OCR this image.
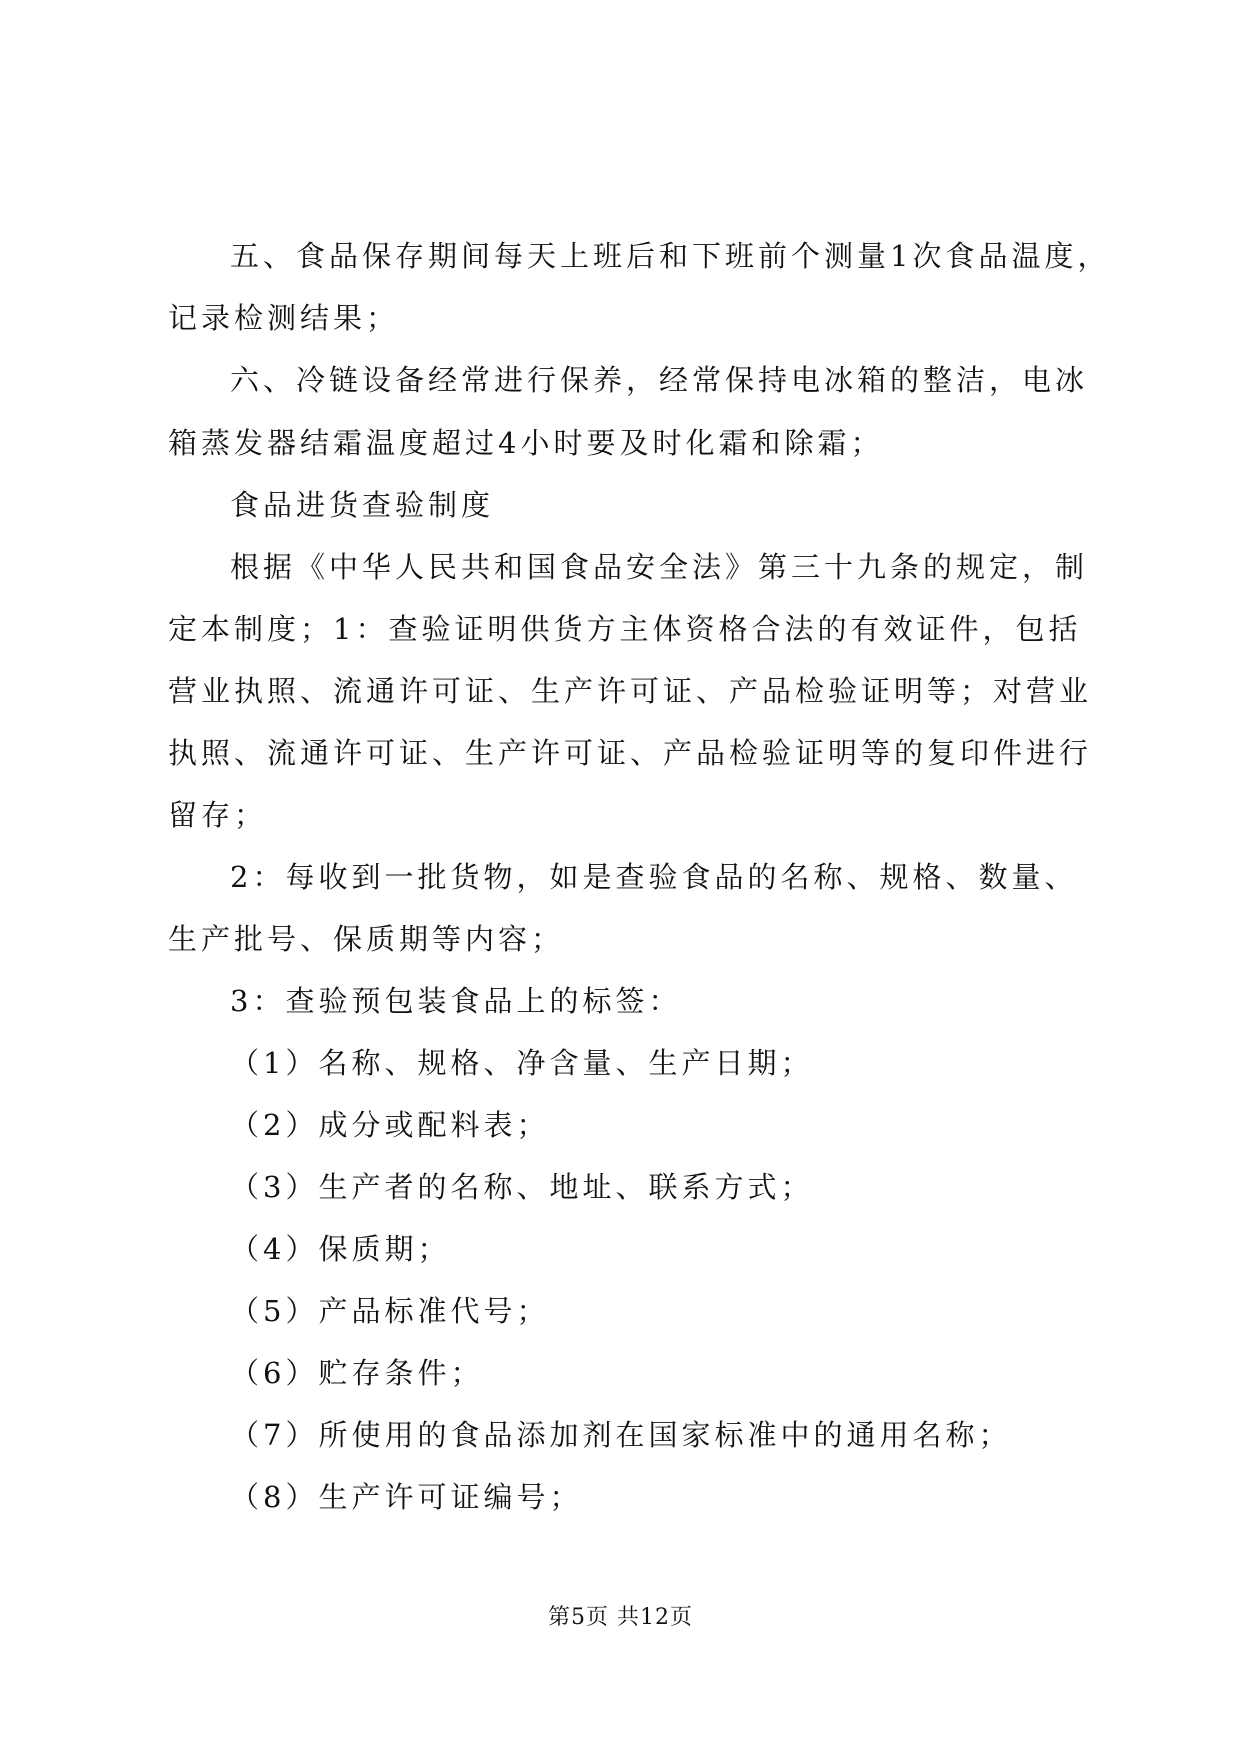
五、食品保存期间每天上班后和下班前个测量1次食品温度，
记录检测结果；
六、冷链设备经常进行保养，经常保持电冰箱的整洁，电冰
箱蒸发器结霜温度超过4小时要及时化霜和除霜；
食品进货查验制度
根据《中华人民共和国食品安全法》第三十九条的规定，制
定本制度；1：查验证明供货方主体资格合法的有效证件，包括
营业执照、流通许可证、生产许可证、产品检验证明等；对营业
执照、流通许可证、生产许可证、产品检验证明等的复印件进行
留存；
2：每收到一批货物，如是查验食品的名称、规格、数量、
生产批号、保质期等内容；
3：查验预包装食品上的标签：
（1）名称、规格、净含量、生产日期；
（2）成分或配料表；
（3）生产者的名称、地址、联系方式；
（4）保质期；
（5）产品标准代号；
（6）贮存条件；
（7）所使用的食品添加剂在国家标准中的通用名称；
（8）生产许可证编号；
第5页 共12页
